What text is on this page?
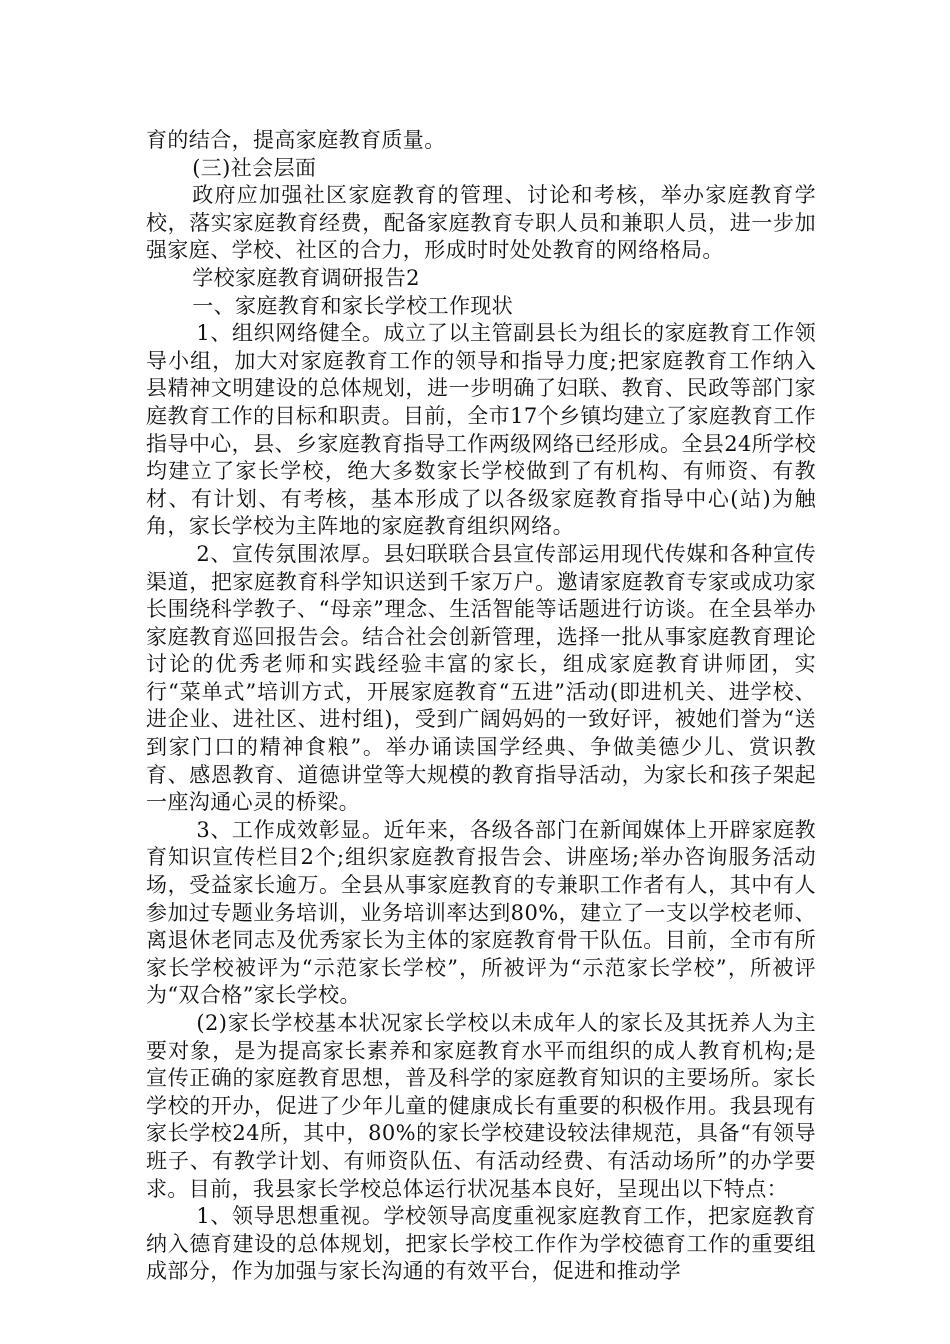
育的结合，提高家庭教育质量。

(三)社会层面

政府应加强社区家庭教育的管理、讨论和考核，举办家庭教育学校，落实家庭教育经费，配备家庭教育专职人员和兼职人员，进一步加强家庭、学校、社区的合力，形成时时处处教育的网络格局。

学校家庭教育调研报告2

一、家庭教育和家长学校工作现状

1、组织网络健全。成立了以主管副县长为组长的家庭教育工作领导小组，加大对家庭教育工作的领导和指导力度;把家庭教育工作纳入县精神文明建设的总体规划，进一步明确了妇联、教育、民政等部门家庭教育工作的目标和职责。目前，全市17个乡镇均建立了家庭教育工作指导中心，县、乡家庭教育指导工作两级网络已经形成。全县24所学校均建立了家长学校，绝大多数家长学校做到了有机构、有师资、有教材、有计划、有考核，基本形成了以各级家庭教育指导中心(站)为触角，家长学校为主阵地的家庭教育组织网络。

2、宣传氛围浓厚。县妇联联合县宣传部运用现代传媒和各种宣传渠道，把家庭教育科学知识送到千家万户。邀请家庭教育专家或成功家长围绕科学教子、“母亲”理念、生活智能等话题进行访谈。在全县举办家庭教育巡回报告会。结合社会创新管理，选择一批从事家庭教育理论讨论的优秀老师和实践经验丰富的家长，组成家庭教育讲师团，实行“菜单式”培训方式，开展家庭教育“五进”活动(即进机关、进学校、进企业、进社区、进村组)，受到广阔妈妈的一致好评，被她们誉为“送到家门口的精神食粮”。举办诵读国学经典、争做美德少儿、赏识教育、感恩教育、道德讲堂等大规模的教育指导活动，为家长和孩子架起一座沟通心灵的桥梁。

3、工作成效彰显。近年来，各级各部门在新闻媒体上开辟家庭教育知识宣传栏目2个;组织家庭教育报告会、讲座场;举办咨询服务活动场，受益家长逾万。全县从事家庭教育的专兼职工作者有人，其中有人参加过专题业务培训，业务培训率达到80%，建立了一支以学校老师、离退休老同志及优秀家长为主体的家庭教育骨干队伍。目前，全市有所家长学校被评为“示范家长学校”，所被评为“示范家长学校”，所被评为“双合格”家长学校。

(2)家长学校基本状况家长学校以未成年人的家长及其抚养人为主要对象，是为提高家长素养和家庭教育水平而组织的成人教育机构;是宣传正确的家庭教育思想，普及科学的家庭教育知识的主要场所。家长学校的开办，促进了少年儿童的健康成长有重要的积极作用。我县现有家长学校24所，其中，80%的家长学校建设较法律规范，具备“有领导班子、有教学计划、有师资队伍、有活动经费、有活动场所”的办学要求。目前，我县家长学校总体运行状况基本良好，呈现出以下特点：

1、领导思想重视。学校领导高度重视家庭教育工作，把家庭教育纳入德育建设的总体规划，把家长学校工作作为学校德育工作的重要组成部分，作为加强与家长沟通的有效平台，促进和推动学
